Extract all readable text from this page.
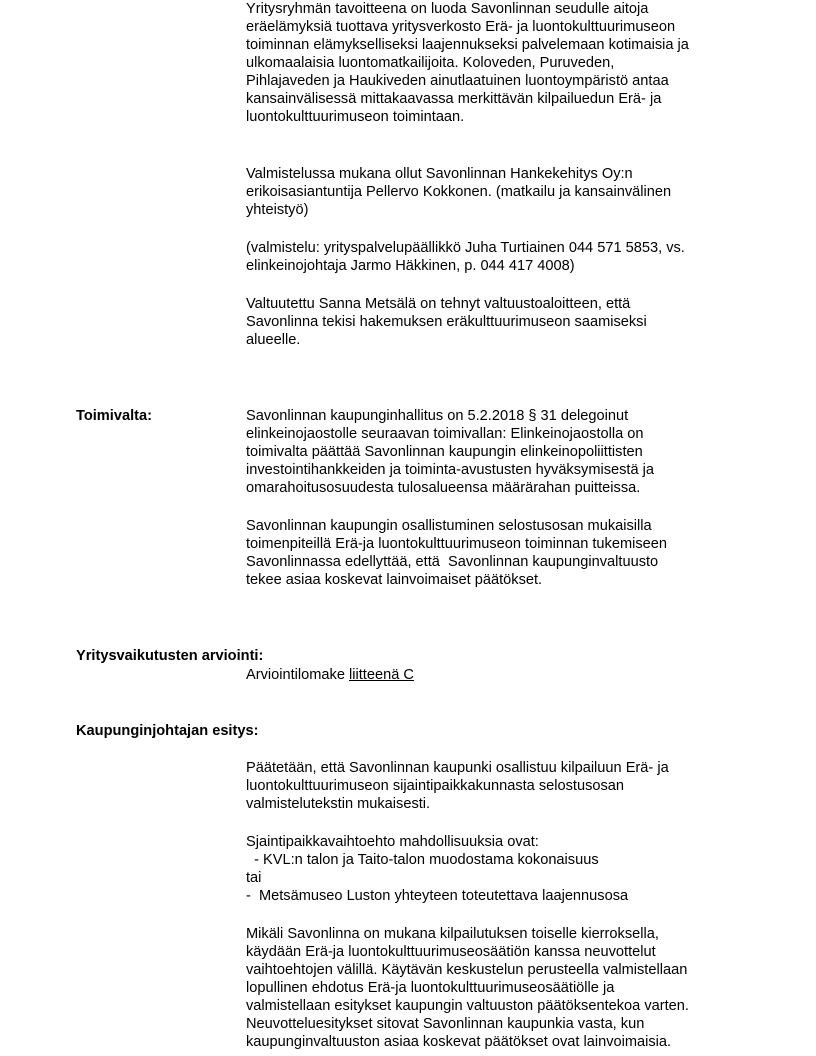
Yritysryhmän tavoitteena on luoda Savonlinnan seudulle aitoja
eräelämyksiä tuottava yritysverkosto Erä- ja luontokulttuurimuseon
toiminnan elämykselliseksi laajennukseksi palvelemaan kotimaisia ja
ulkomaalaisia luontomatkailijoita. Koloveden, Puruveden,
Pihlajaveden ja Haukiveden ainutlaatuinen luontoympäristö antaa
kansainvälisessä mittakaavassa merkittävän kilpailuedun Erä- ja
luontokulttuurimuseon toimintaan.
Valmistelussa mukana ollut Savonlinnan Hankekehitys Oy:n
erikoisasiantuntija Pellervo Kokkonen. (matkailu ja kansainvälinen
yhteistyö)
(valmistelu: yrityspalvelupäällikkö Juha Turtiainen 044 571 5853, vs.
elinkeinojohtaja Jarmo Häkkinen, p. 044 417 4008)
Valtuutettu Sanna Metsälä on tehnyt valtuustoaloitteen, että
Savonlinna tekisi hakemuksen eräkulttuurimuseon saamiseksi
alueelle.
Toimivalta:	Savonlinnan kaupunginhallitus on 5.2.2018 § 31 delegoinut
elinkeinojaostolle seuraavan toimivallan: Elinkeinojaostolla on
toimivalta päättää Savonlinnan kaupungin elinkeinopoliittisten
investointihankkeiden ja toiminta-avustusten hyväksymisestä ja
omarahoitusosuudesta tulosalueensa määrärahan puitteissa.
Savonlinnan kaupungin osallistuminen selostusosan mukaisilla
toimenpiteillä Erä-ja luontokulttuurimuseon toiminnan tukemiseen
Savonlinnassa edellyttää, että  Savonlinnan kaupunginvaltuusto
tekee asiaa koskevat lainvoimaiset päätökset.
Yritysvaikutusten arviointi:
Arviointilomake liitteenä C
Kaupunginjohtajan esitys:
Päätetään, että Savonlinnan kaupunki osallistuu kilpailuun Erä- ja
luontokulttuurimuseon sijaintipaikkakunnasta selostusosan
valmistelutekstin mukaisesti.
Sjaintipaikkavaihtoehto mahdollisuuksia ovat:
- KVL:n talon ja Taito-talon muodostama kokonaisuus
tai
-  Metsämuseo Luston yhteyteen toteutettava laajennusosa
Mikäli Savonlinna on mukana kilpailutuksen toiselle kierroksella,
käydään Erä-ja luontokulttuurimuseosäätiön kanssa neuvottelut
vaihtoehtojen välillä. Käytävän keskustelun perusteella valmistellaan
lopullinen ehdotus Erä-ja luontokulttuurimuseosäätiölle ja
valmistellaan esitykset kaupungin valtuuston päätöksentekoa varten.
Neuvotteluesitykset sitovat Savonlinnan kaupunkia vasta, kun
kaupunginvaltuuston asiaa koskevat päätökset ovat lainvoimaisia.
